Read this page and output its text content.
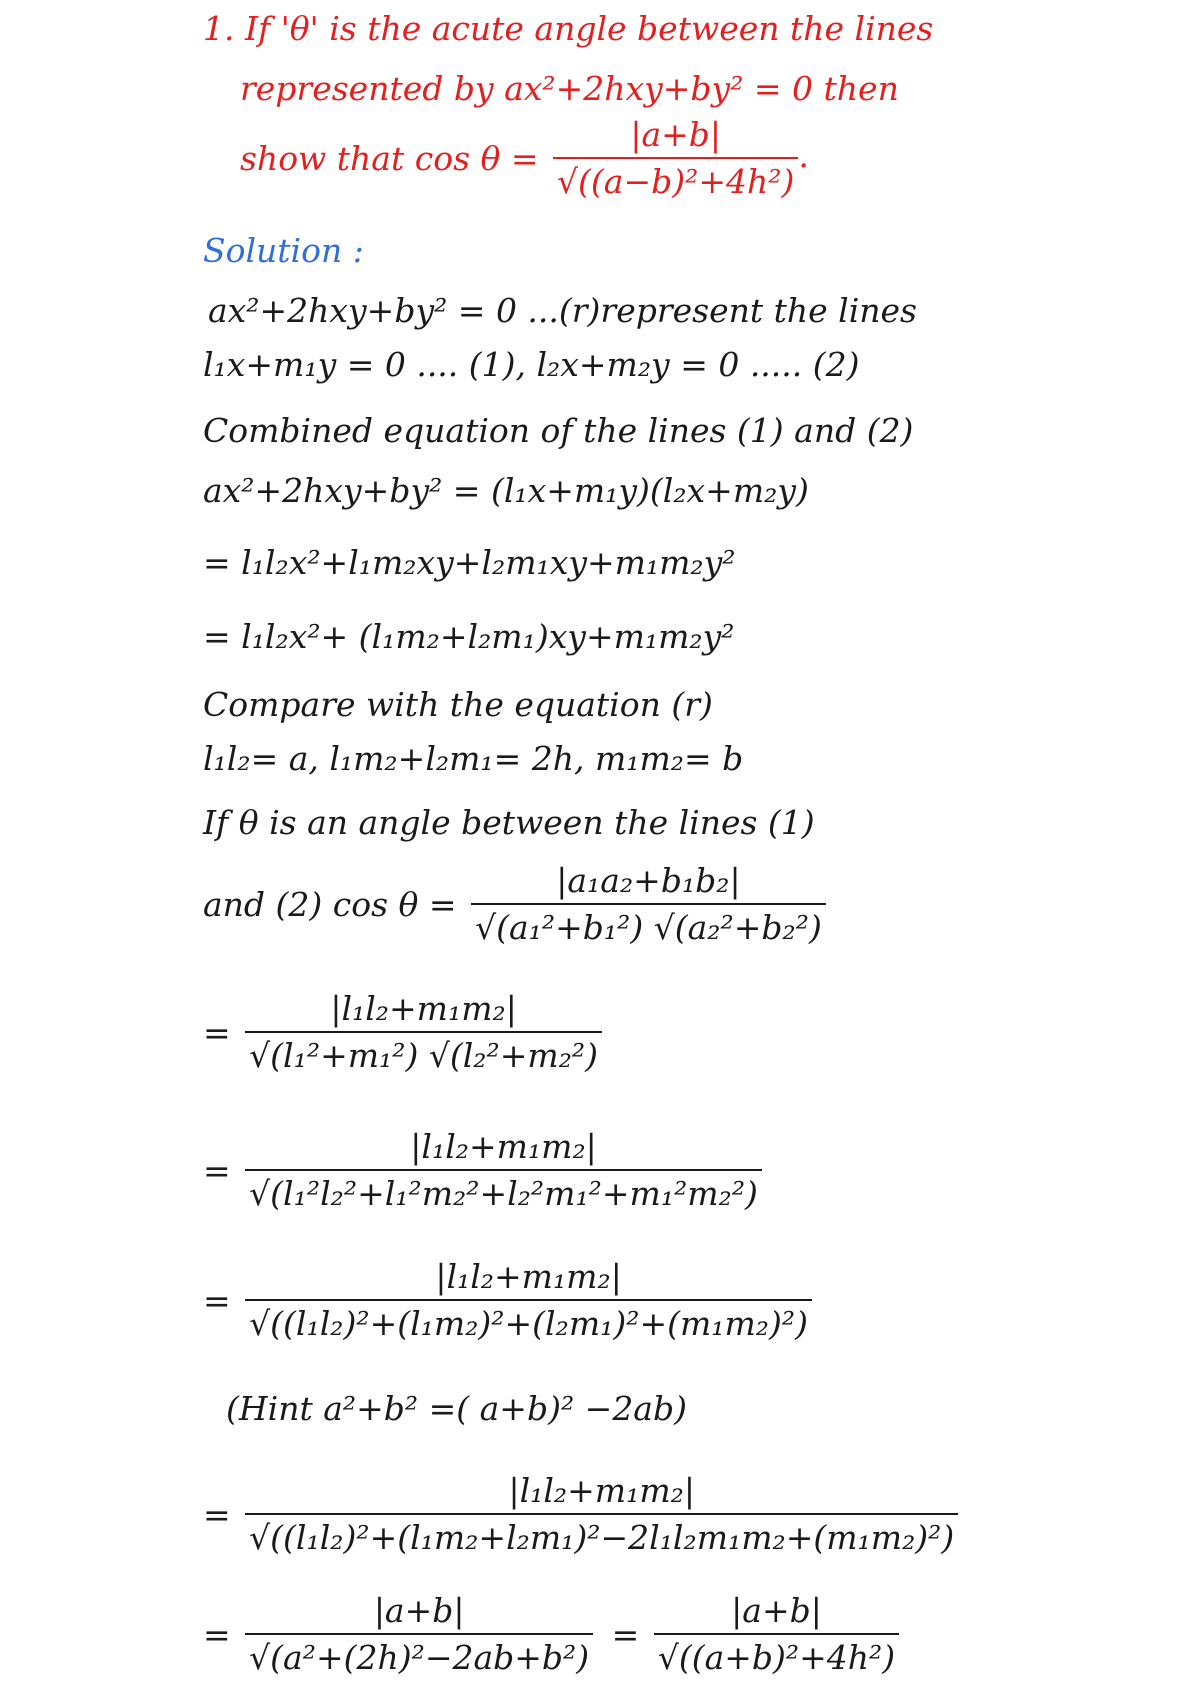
1. If 'θ' is the acute angle between the lines
represented by ax²+2hxy+by² = 0 then
show that $\cos \theta = \frac{|a+b|}{\text{√((a−b)²+4h²)}}$ .
Solution :
ax²+2hxy+by² = 0 ...(r)represent the lines
l₁x+m₁y = 0 .... (1), l₂x+m₂y = 0 ..... (2)
Combined equation of the lines (1) and (2)
ax²+2hxy+by² = (l₁x+m₁y)(l₂x+m₂y)
= l₁l₂x²+l₁m₂xy+l₂m₁xy+m₁m₂y²
= l₁l₂x²+ (l₁m₂+l₂m₁)xy+m₁m₂y²
Compare with the equation (r)
l₁l₂= a, l₁m₂+l₂m₁= 2h, m₁m₂= b
If θ is an angle between the lines (1)
and (2) $\cos \theta = \frac{\text{|a₁a₂+b₁b₂|}}{\text{√(a₁²+b₁²) √(a₂²+b₂²)}}$
= $\frac{\text{|l₁l₂+m₁m₂|}}{\text{√(l₁²+m₁²) √(l₂²+m₂²)}}$
= $\frac{\text{|l₁l₂+m₁m₂|}}{\text{√(l₁²l₂²+l₁²m₂²+l₂²m₁²+m₁²m₂²)}}$
= $\frac{\text{|l₁l₂+m₁m₂|}}{\text{√((l₁l₂)²+(l₁m₂)²+(l₂m₁)²+(m₁m₂)²)}}$
(Hint a²+b² =( a+b)² −2ab)
= $\frac{\text{|l₁l₂+m₁m₂|}}{\text{√((l₁l₂)²+(l₁m₂+l₂m₁)²−2l₁l₂m₁m₂+(m₁m₂)²)}}$
= $\frac{|a+b|}{\text{√(a²+(2h)²−2ab+b²)}} = \frac{|a+b|}{\text{√((a+b)²+4h²)}}$
